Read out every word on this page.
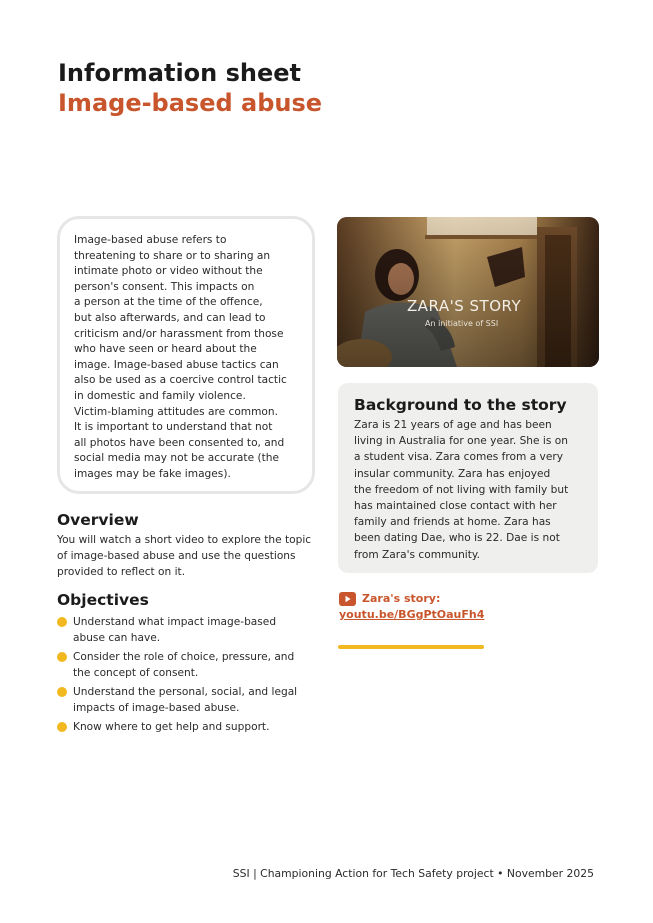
Information sheet
Image-based abuse

Image-based abuse refers to
threatening to share or to sharing an
intimate photo or video without the
person's consent. This impacts on
a person at the time of the offence,
but also afterwards, and can lead to
criticism and/or harassment from those
who have seen or heard about the
image. Image-based abuse tactics can
also be used as a coercive control tactic
in domestic and family violence.
Victim-blaming attitudes are common.
It is important to understand that not
all photos have been consented to, and
social media may not be accurate (the
images may be fake images).

Overview

You will watch a short video to explore the topic
of image-based abuse and use the questions
provided to reflect on it.

Objectives
Understand what impact image-based
abuse can have.
Consider the role of choice, pressure, and
the concept of consent.
Understand the personal, social, and legal
impacts of image-based abuse.
Know where to get help and support.

ZARA'S STORY

An initiative of SSI

Background to the story

Zara is 21 years of age and has been
living in Australia for one year. She is on
a student visa. Zara comes from a very
insular community. Zara has enjoyed
the freedom of not living with family but
has maintained close contact with her
family and friends at home. Zara has
been dating Dae, who is 22. Dae is not
from Zara's community.

Zara's story:
youtu.be/BGgPtOauFh4
SSI | Championing Action for Tech Safety project • November 2025
